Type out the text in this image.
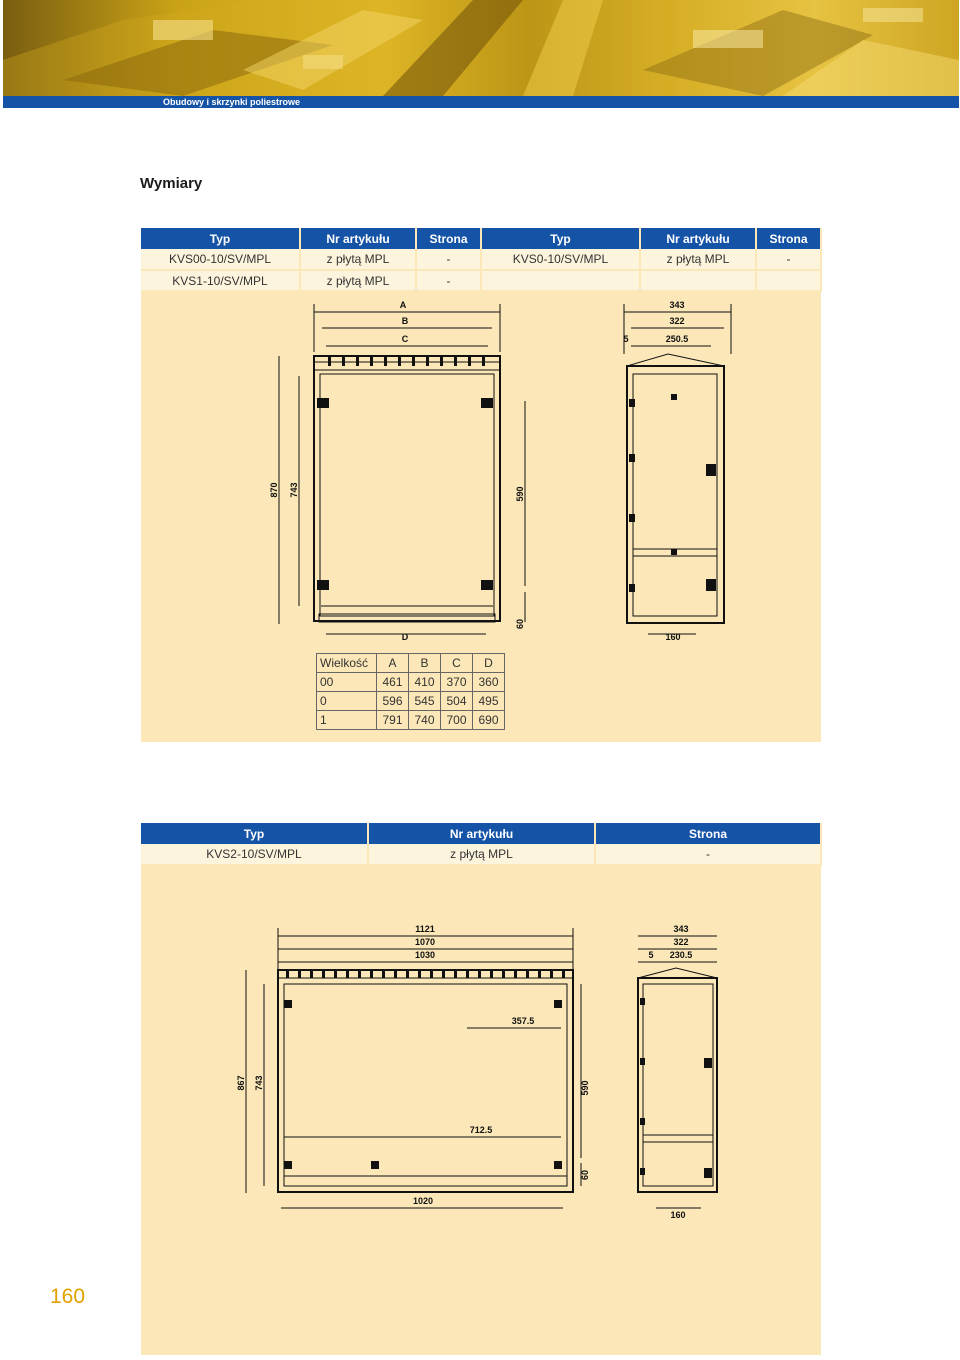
Obudowy i skrzynki poliestrowe
Wymiary
Typ	Nr artykułu	Strona	Typ	Nr artykułu	Strona
KVS00-10/SV/MPL	z płytą MPL	-	KVS0-10/SV/MPL	z płytą MPL	-
KVS1-10/SV/MPL	z płytą MPL	-			
A
B
C
D
870 743	590
60
343
322
5	250.5
160
Wielkość	A	B	C	D
00	461	410	370	360
0	596	545	504	495
1	791	740	700	690
Typ	Nr artykułu	Strona
KVS2-10/SV/MPL	z płytą MPL	-
1121
1070
1030
357.5
712.5
1020
867 743	590
60
343
322
5 230.5
160
160
